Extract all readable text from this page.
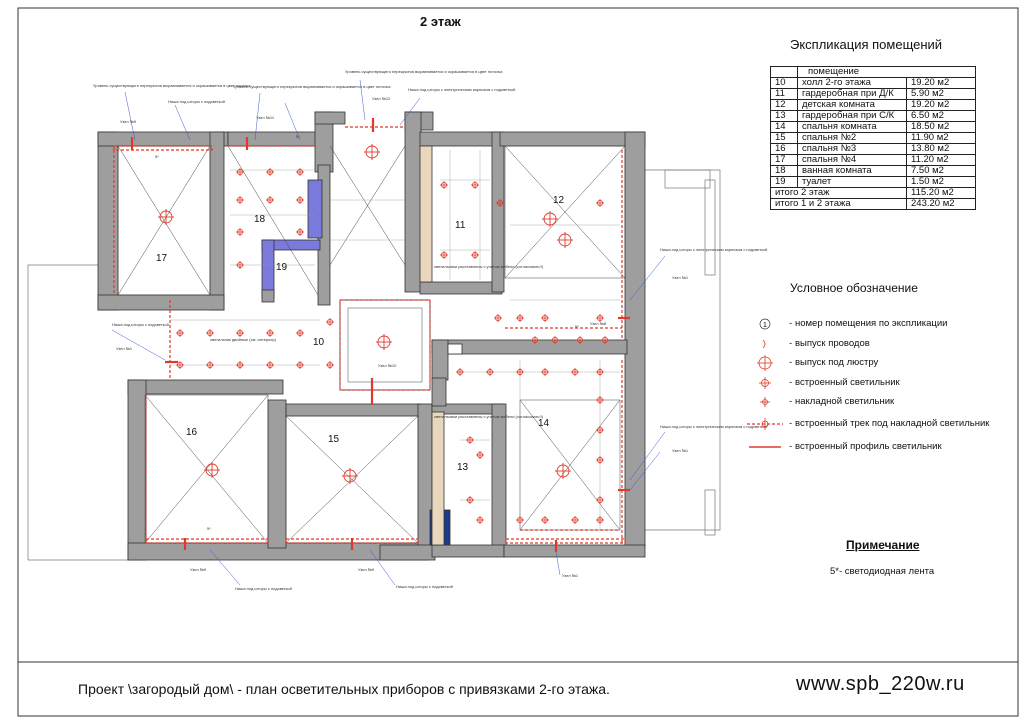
2 этаж
17
18
19
11
12
10
14
13
16
15
Узел №9
Уровень существующего перекрытия выравнивается и окрашивается в цвет потолка
Ниша под шторы с подсветкой
Уровень существующего перекрытия выравнивается и окрашивается в цвет потолка
Узел №11
Уровень существующего перекрытия выравнивается и окрашивается в цвет потолка
Узел №12
Ниша под шторы с электрическим карнизом с подсветкой
Ниша под шторы с электрическим карнизом с подсветкой
Узел №1
Узел №8
Ниша под шторы с подсветкой
Узел №1
светильник двойные (см. интерьер)
светильники расставлены с учетом мебели (согласовать!!)
светильники расставлены с учетом мебели (согласовать!!)
Узел №10
Ниша под шторы с электрическим карнизом с подсветкой
Узел №1
Узел №9
Ниша под шторы с подсветкой
Узел №9
Ниша под шторы с подсветкой
Узел №1
5*
5*
5*
5*
Экспликация помещений
	помещение	
10	холл 2-го этажа	19.20 м2
11	гардеробная при Д/К	5.90 м2
12	детская комната	19.20 м2
13	гардеробная при С/К	6.50 м2
14	спальня комната	18.50 м2
15	спальня №2	11.90 м2
16	спальня №3	13.80 м2
17	спальня №4	11.20 м2
18	ванная комната	7.50 м2
19	туалет	1.50 м2
итого 2 этаж		115.20 м2
итого 1 и 2 этажа		243.20 м2
Условное обозначение
1 - номер помещения по экспликации
- выпуск проводов
- выпуск под люстру
- встроенный светильник
- накладной светильник
- встроенный трек под накладной светильник
- встроенный профиль светильник
Примечание
5*- светодиодная лента
Проект \загородый дом\ - план осветительных приборов с привязками 2-го этажа.	www.spb_220w.ru
